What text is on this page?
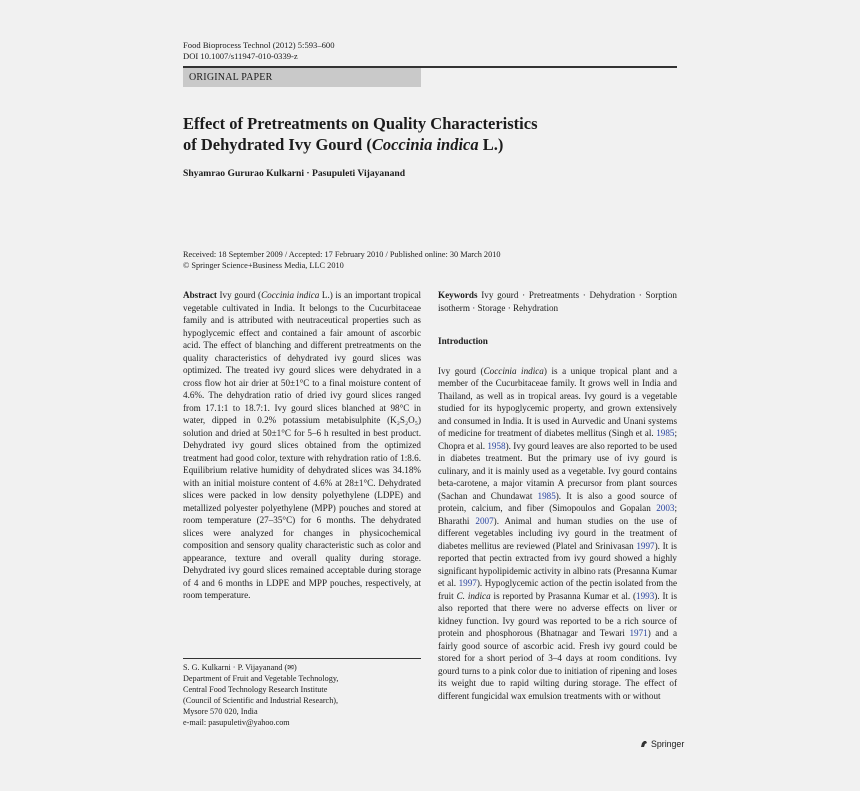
Food Bioprocess Technol (2012) 5:593–600
DOI 10.1007/s11947-010-0339-z
ORIGINAL PAPER
Effect of Pretreatments on Quality Characteristics
of Dehydrated Ivy Gourd (Coccinia indica L.)
Shyamrao Gururao Kulkarni · Pasupuleti Vijayanand
Received: 18 September 2009 / Accepted: 17 February 2010 / Published online: 30 March 2010
© Springer Science+Business Media, LLC 2010
Abstract Ivy gourd (Coccinia indica L.) is an important tropical vegetable cultivated in India. It belongs to the Cucurbitaceae family and is attributed with neutraceutical properties such as hypoglycemic effect and contained a fair amount of ascorbic acid. The effect of blanching and different pretreatments on the quality characteristics of dehydrated ivy gourd slices was optimized. The treated ivy gourd slices were dehydrated in a cross flow hot air drier at 50±1°C to a final moisture content of 4.6%. The dehydration ratio of dried ivy gourd slices ranged from 17.1:1 to 18.7:1. Ivy gourd slices blanched at 98°C in water, dipped in 0.2% potassium metabisulphite (K₂S₂O₅) solution and dried at 50±1°C for 5–6 h resulted in best product. Dehydrated ivy gourd slices obtained from the optimized treatment had good color, texture with rehydration ratio of 1:8.6. Equilibrium relative humidity of dehydrated slices was 34.18% with an initial moisture content of 4.6% at 28±1°C. Dehydrated slices were packed in low density polyethylene (LDPE) and metallized polyester polyethylene (MPP) pouches and stored at room temperature (27–35°C) for 6 months. The dehydrated slices were analyzed for changes in physicochemical composition and sensory quality characteristic such as color and appearance, texture and overall quality during storage. Dehydrated ivy gourd slices remained acceptable during storage of 4 and 6 months in LDPE and MPP pouches, respectively, at room temperature.
S. G. Kulkarni · P. Vijayanand (✉)
Department of Fruit and Vegetable Technology,
Central Food Technology Research Institute
(Council of Scientific and Industrial Research),
Mysore 570 020, India
e-mail: pasupuletiv@yahoo.com
Keywords Ivy gourd · Pretreatments · Dehydration · Sorption isotherm · Storage · Rehydration
Introduction
Ivy gourd (Coccinia indica) is a unique tropical plant and a member of the Cucurbitaceae family. It grows well in India and Thailand, as well as in tropical areas. Ivy gourd is a vegetable studied for its hypoglycemic property, and grown extensively and consumed in India. It is used in Aurvedic and Unani systems of medicine for treatment of diabetes mellitus (Singh et al. 1985; Chopra et al. 1958). Ivy gourd leaves are also reported to be used in diabetes treatment. But the primary use of ivy gourd is culinary, and it is mainly used as a vegetable. Ivy gourd contains beta-carotene, a major vitamin A precursor from plant sources (Sachan and Chundawat 1985). It is also a good source of protein, calcium, and fiber (Simopoulos and Gopalan 2003; Bharathi 2007). Animal and human studies on the use of different vegetables including ivy gourd in the treatment of diabetes mellitus are reviewed (Platel and Srinivasan 1997). It is reported that pectin extracted from ivy gourd showed a highly significant hypolipidemic activity in albino rats (Presanna Kumar et al. 1997). Hypoglycemic action of the pectin isolated from the fruit C. indica is reported by Prasanna Kumar et al. (1993). It is also reported that there were no adverse effects on liver or kidney function. Ivy gourd was reported to be a rich source of protein and phosphorous (Bhatnagar and Tewari 1971) and a fairly good source of ascorbic acid. Fresh ivy gourd could be stored for a short period of 3–4 days at room conditions. Ivy gourd turns to a pink color due to initiation of ripening and loses its weight due to rapid wilting during storage. The effect of different fungicidal wax emulsion treatments with or without
Springer
